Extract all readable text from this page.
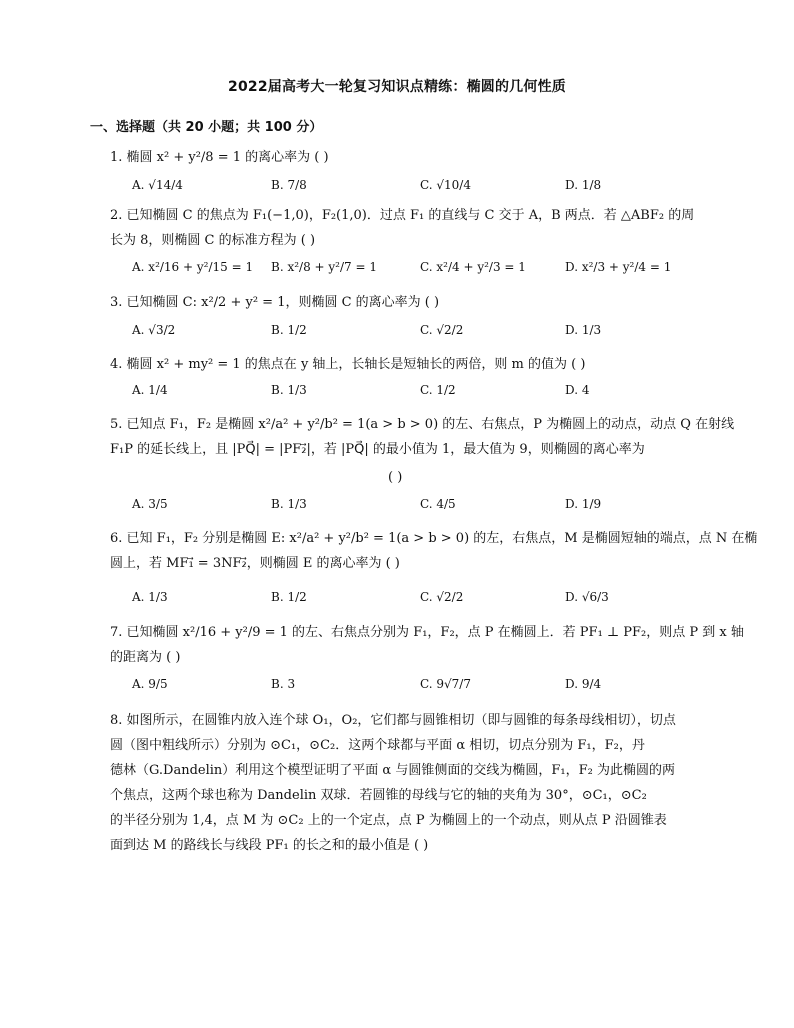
2022届高考大一轮复习知识点精练：椭圆的几何性质
一、选择题（共 20 小题；共 100 分）
1. 椭圆 x² + y²/8 = 1 的离心率为 ( )
A. √14/4	B. 7/8	C. √10/4	D. 1/8
2. 已知椭圆 C 的焦点为 F₁(−1,0)，F₂(1,0)．过点 F₁ 的直线与 C 交于 A，B 两点．若 △ABF₂ 的周
长为 8，则椭圆 C 的标准方程为 ( )
A. x²/16 + y²/15 = 1 B. x²/8 + y²/7 = 1	C. x²/4 + y²/3 = 1	D. x²/3 + y²/4 = 1
3. 已知椭圆 C: x²/2 + y² = 1，则椭圆 C 的离心率为 ( )
A. √3/2	B. 1/2	C. √2/2	D. 1/3
4. 椭圆 x² + my² = 1 的焦点在 y 轴上，长轴长是短轴长的两倍，则 m 的值为 ( )
A. 1/4	B. 1/3	C. 1/2	D. 4
5. 已知点 F₁，F₂ 是椭圆 x²/a² + y²/b² = 1(a > b > 0) 的左、右焦点，P 为椭圆上的动点，动点 Q 在射线
F₁P 的延长线上，且 |PQ⃗| = |PF₂⃗|，若 |PQ⃗| 的最小值为 1，最大值为 9，则椭圆的离心率为
( )
A. 3/5	B. 1/3	C. 4/5	D. 1/9
6. 已知 F₁，F₂ 分别是椭圆 E: x²/a² + y²/b² = 1(a > b > 0) 的左，右焦点，M 是椭圆短轴的端点，点 N 在椭
圆上，若 MF₁⃗ = 3NF₂⃗，则椭圆 E 的离心率为 ( )
A. 1/3	B. 1/2	C. √2/2	D. √6/3
7. 已知椭圆 x²/16 + y²/9 = 1 的左、右焦点分别为 F₁，F₂，点 P 在椭圆上．若 PF₁ ⊥ PF₂，则点 P 到 x 轴
的距离为 ( )
A. 9/5	B. 3	C. 9√7/7	D. 9/4
8. 如图所示，在圆锥内放入连个球 O₁，O₂，它们都与圆锥相切（即与圆锥的每条母线相切），切点
圆（图中粗线所示）分别为 ⊙C₁，⊙C₂．这两个球都与平面 α 相切，切点分别为 F₁，F₂，丹
德林（G.Dandelin）利用这个模型证明了平面 α 与圆锥侧面的交线为椭圆，F₁，F₂ 为此椭圆的两
个焦点，这两个球也称为 Dandelin 双球．若圆锥的母线与它的轴的夹角为 30°，⊙C₁，⊙C₂
的半径分别为 1,4，点 M 为 ⊙C₂ 上的一个定点，点 P 为椭圆上的一个动点，则从点 P 沿圆锥表
面到达 M 的路线长与线段 PF₁ 的长之和的最小值是 ( )
